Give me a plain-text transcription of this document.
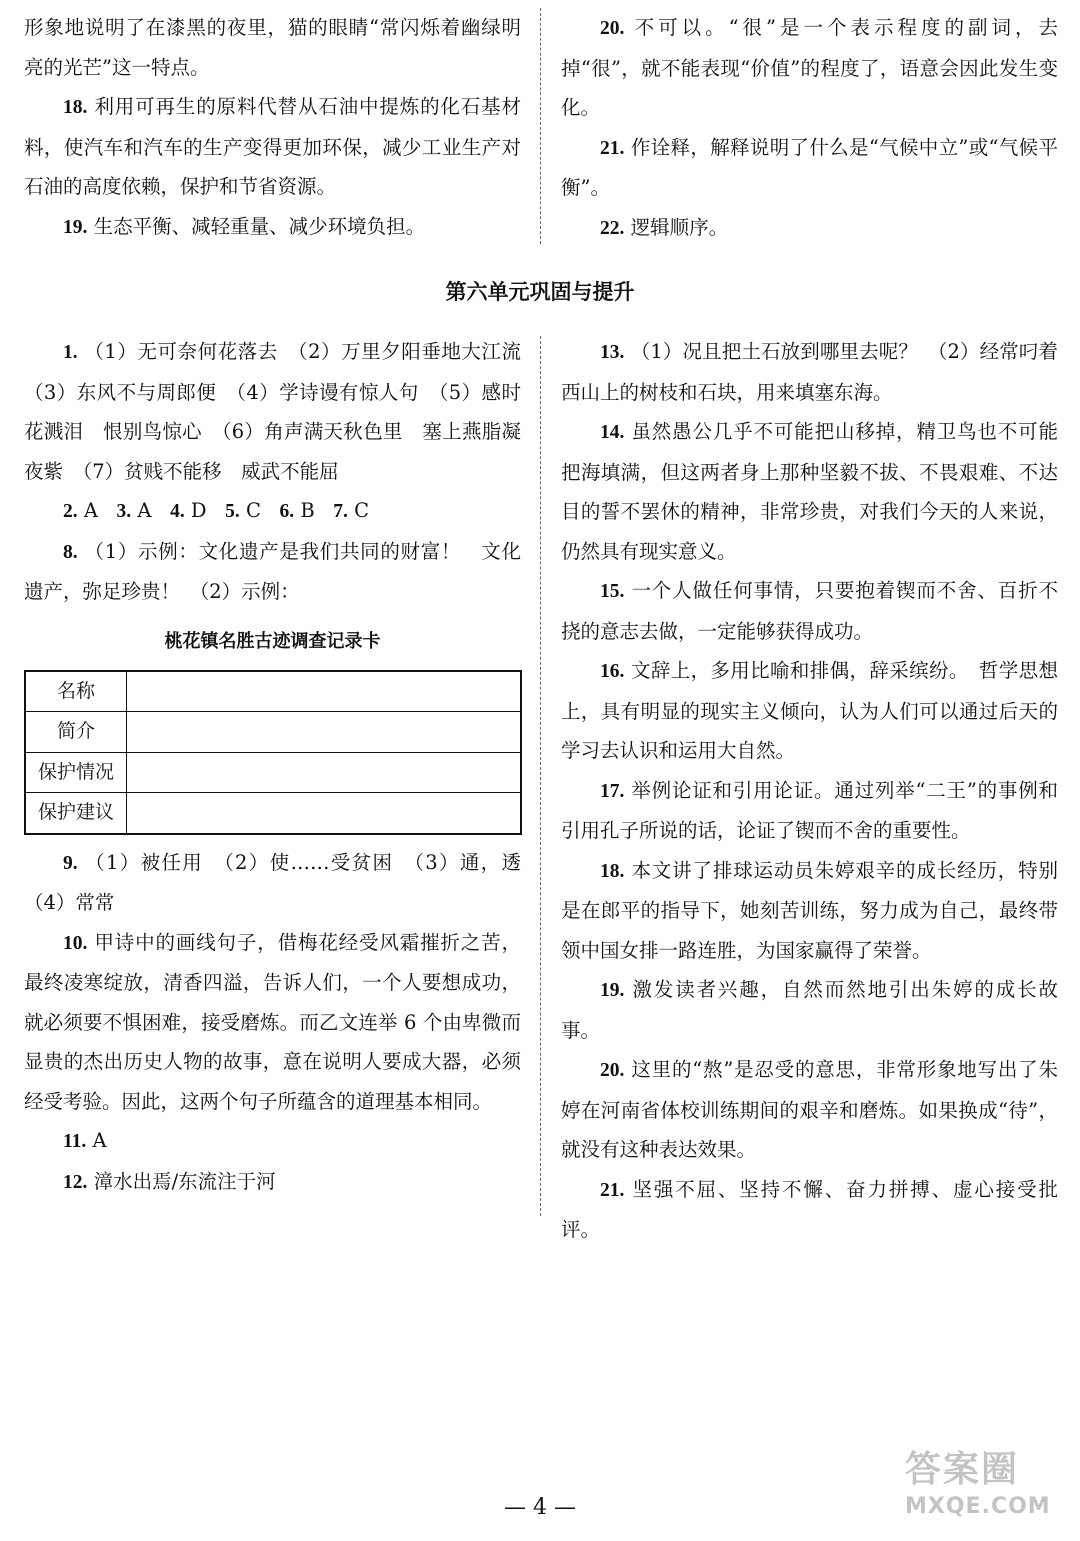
形象地说明了在漆黑的夜里，猫的眼睛“常闪烁着幽绿明亮的光芒”这一特点。

18. 利用可再生的原料代替从石油中提炼的化石基材料，使汽车和汽车的生产变得更加环保，减少工业生产对石油的高度依赖，保护和节省资源。

19. 生态平衡、减轻重量、减少环境负担。

20. 不可以。“很”是一个表示程度的副词，去掉“很”，就不能表现“价值”的程度了，语意会因此发生变化。

21. 作诠释，解释说明了什么是“气候中立”或“气候平衡”。

22. 逻辑顺序。

第六单元巩固与提升

1. （1）无可奈何花落去　（2）万里夕阳垂地大江流　（3）东风不与周郎便　（4）学诗谩有惊人句　（5）感时花溅泪　恨别鸟惊心　（6）角声满天秋色里　塞上燕脂凝夜紫　（7）贫贱不能移　威武不能屈

2. A 3. A 4. D 5. C 6. B 7. C

8. （1）示例：文化遗产是我们共同的财富！　文化遗产，弥足珍贵！　（2）示例：

桃花镇名胜古迹调查记录卡
名称	
简介	
保护情况	
保护建议	

9. （1）被任用　（2）使……受贫困　（3）通，透　（4）常常

10. 甲诗中的画线句子，借梅花经受风霜摧折之苦，最终凌寒绽放，清香四溢，告诉人们，一个人要想成功，就必须要不惧困难，接受磨炼。而乙文连举 6 个由卑微而显贵的杰出历史人物的故事，意在说明人要成大器，必须经受考验。因此，这两个句子所蕴含的道理基本相同。

11. A

12. 漳水出焉/东流注于河

13. （1）况且把土石放到哪里去呢？　（2）经常叼着西山上的树枝和石块，用来填塞东海。

14. 虽然愚公几乎不可能把山移掉，精卫鸟也不可能把海填满，但这两者身上那种坚毅不拔、不畏艰难、不达目的誓不罢休的精神，非常珍贵，对我们今天的人来说，仍然具有现实意义。

15. 一个人做任何事情，只要抱着锲而不舍、百折不挠的意志去做，一定能够获得成功。

16. 文辞上，多用比喻和排偶，辞采缤纷。　哲学思想上，具有明显的现实主义倾向，认为人们可以通过后天的学习去认识和运用大自然。

17. 举例论证和引用论证。通过列举“二王”的事例和引用孔子所说的话，论证了锲而不舍的重要性。

18. 本文讲了排球运动员朱婷艰辛的成长经历，特别是在郎平的指导下，她刻苦训练，努力成为自己，最终带领中国女排一路连胜，为国家赢得了荣誉。

19. 激发读者兴趣，自然而然地引出朱婷的成长故事。

20. 这里的“熬”是忍受的意思，非常形象地写出了朱婷在河南省体校训练期间的艰辛和磨炼。如果换成“待”，就没有这种表达效果。

21. 坚强不屈、坚持不懈、奋力拼搏、虚心接受批评。

— 4 —
答案圈
MXQE.COM
